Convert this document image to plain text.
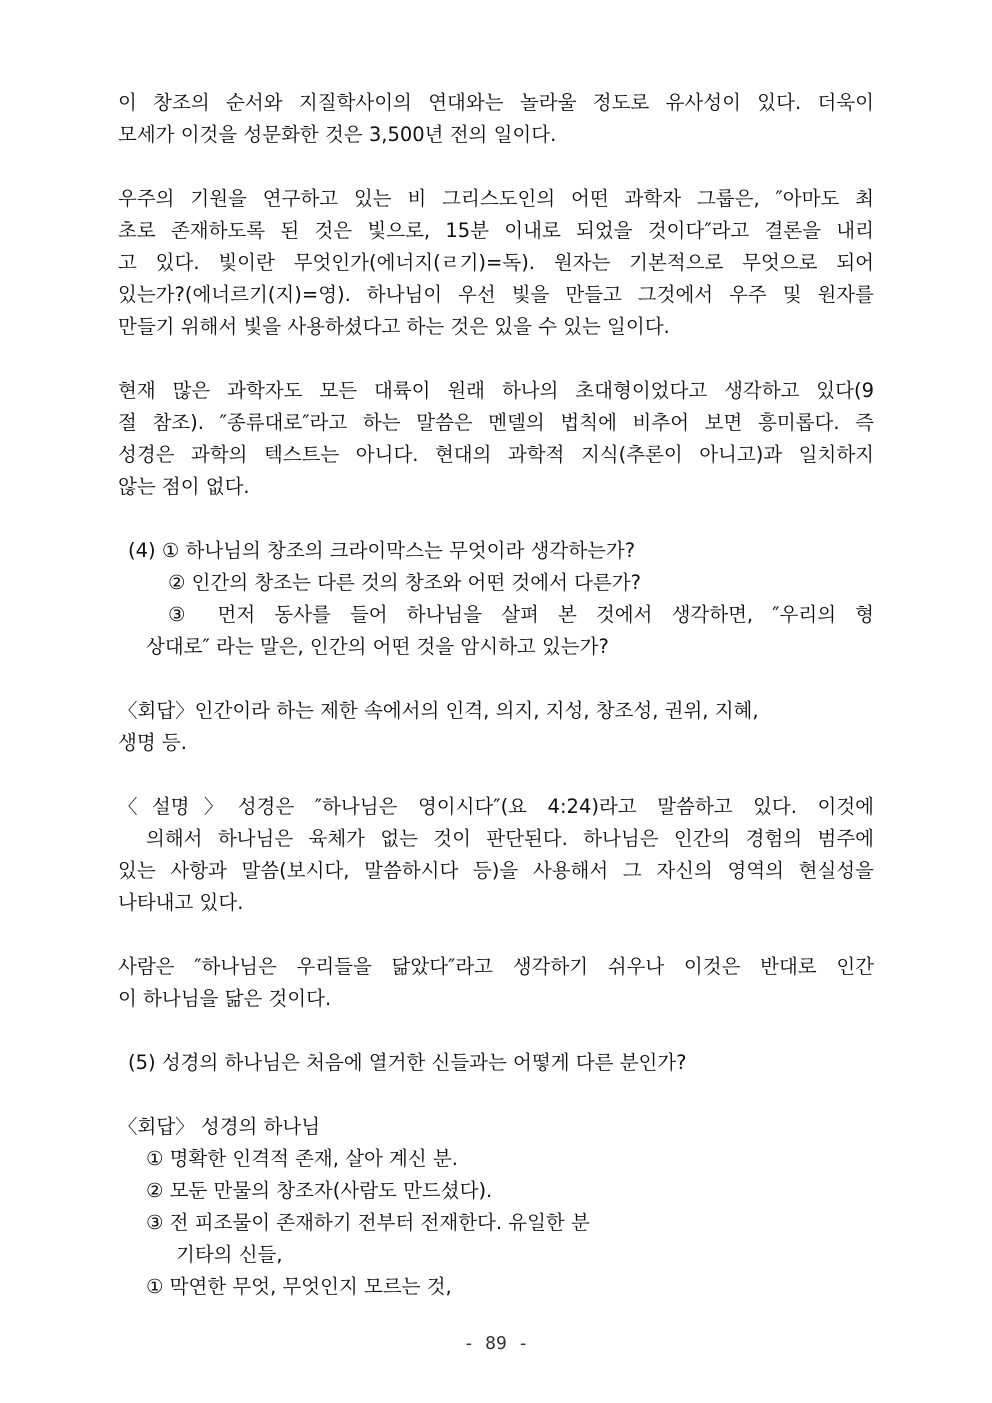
이 창조의 순서와 지질학사이의 연대와는 놀라울 정도로 유사성이 있다. 더욱이
모세가 이것을 성문화한 것은 3,500년 전의 일이다.
우주의 기원을 연구하고 있는 비 그리스도인의 어떤 과학자 그룹은, ″아마도 최
초로 존재하도록 된 것은 빛으로, 15분 이내로 되었을 것이다″라고 결론을 내리
고 있다. 빛이란 무엇인가(에너지(ㄹ기)=독). 원자는 기본적으로 무엇으로 되어
있는가?(에너르기(지)=영). 하나님이 우선 빛을 만들고 그것에서 우주 및 원자를
만들기 위해서 빛을 사용하셨다고 하는 것은 있을 수 있는 일이다.
현재 많은 과학자도 모든 대륙이 원래 하나의 초대형이었다고 생각하고 있다(9
절 참조). ″종류대로″라고 하는 말씀은 멘델의 법칙에 비추어 보면 흥미롭다. 즉
성경은 과학의 텍스트는 아니다. 현대의 과학적 지식(추론이 아니고)과 일치하지
않는 점이 없다.
(4) ① 하나님의 창조의 크라이막스는 무엇이라 생각하는가?
② 인간의 창조는 다른 것의 창조와 어떤 것에서 다른가?
③ 먼저 동사를 들어 하나님을 살펴 본 것에서 생각하면, ″우리의 형
상대로″ 라는 말은, 인간의 어떤 것을 암시하고 있는가?
〈회답〉인간이라 하는 제한 속에서의 인격, 의지, 지성, 창조성, 권위, 지혜,
생명 등.
〈설명〉성경은 ″하나님은 영이시다″(요 4:24)라고 말씀하고 있다. 이것에
의해서 하나님은 육체가 없는 것이 판단된다. 하나님은 인간의 경험의 범주에
있는 사항과 말씀(보시다, 말씀하시다 등)을 사용해서 그 자신의 영역의 현실성을
나타내고 있다.
사람은 ″하나님은 우리들을 닮았다″라고 생각하기 쉬우나 이것은 반대로 인간
이 하나님을 닮은 것이다.
(5) 성경의 하나님은 처음에 열거한 신들과는 어떻게 다른 분인가?
〈회답〉 성경의 하나님
① 명확한 인격적 존재, 살아 계신 분.
② 모둔 만물의 창조자(사람도 만드셨다).
③ 전 피조물이 존재하기 전부터 전재한다. 유일한 분
기타의 신들,
① 막연한 무엇, 무엇인지 모르는 것,
- 89 -
